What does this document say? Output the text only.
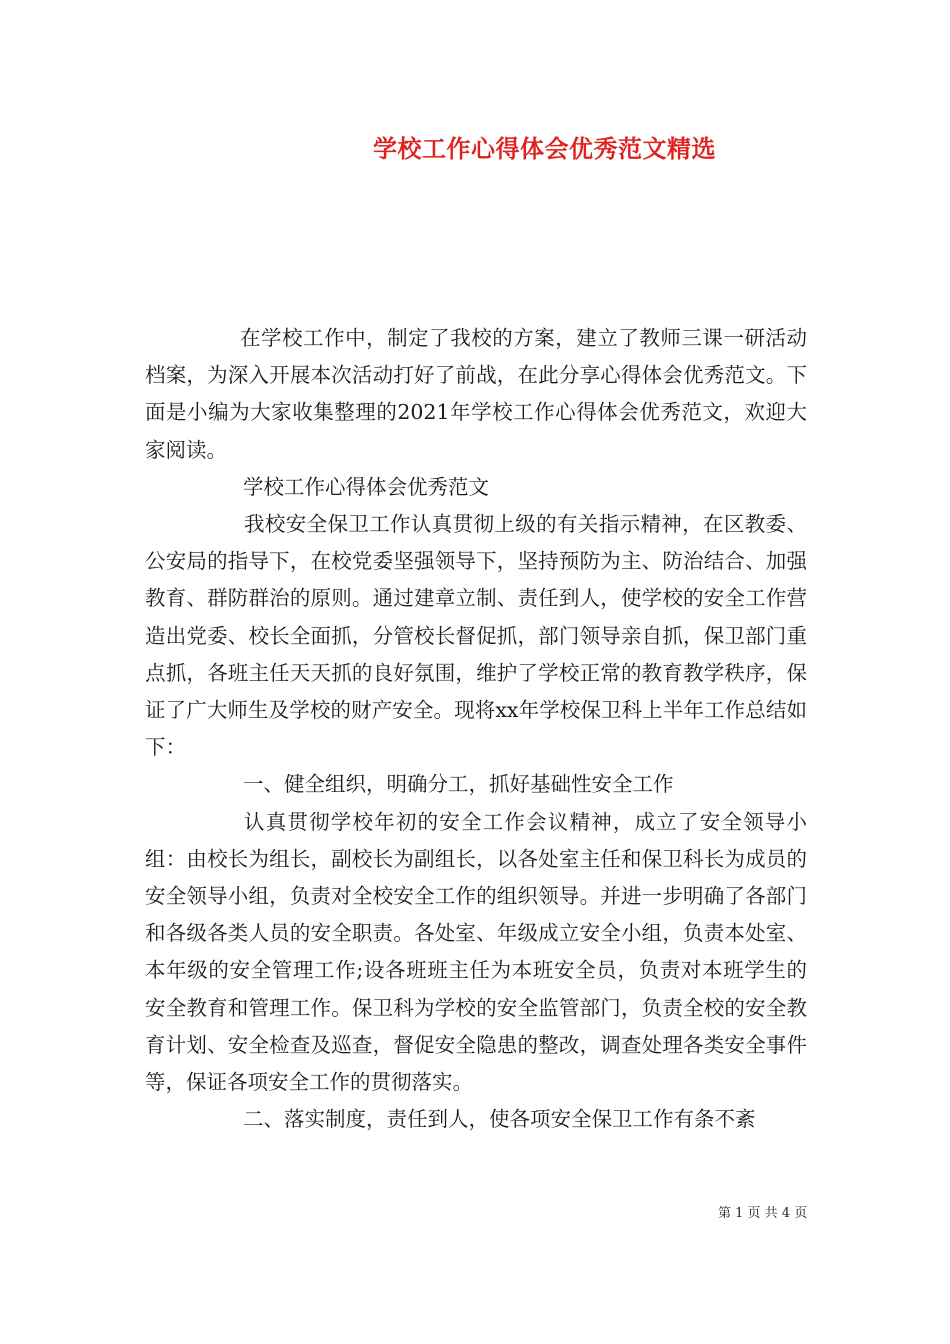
学校工作心得体会优秀范文精选

在学校工作中，制定了我校的方案，建立了教师三课一研活动档案，为深入开展本次活动打好了前战，在此分享心得体会优秀范文。下面是小编为大家收集整理的2021年学校工作心得体会优秀范文，欢迎大家阅读。

学校工作心得体会优秀范文

我校安全保卫工作认真贯彻上级的有关指示精神，在区教委、公安局的指导下，在校党委坚强领导下，坚持预防为主、防治结合、加强教育、群防群治的原则。通过建章立制、责任到人，使学校的安全工作营造出党委、校长全面抓，分管校长督促抓，部门领导亲自抓，保卫部门重点抓，各班主任天天抓的良好氛围，维护了学校正常的教育教学秩序，保证了广大师生及学校的财产安全。现将xx年学校保卫科上半年工作总结如下：

一、健全组织，明确分工，抓好基础性安全工作

认真贯彻学校年初的安全工作会议精神，成立了安全领导小组：由校长为组长，副校长为副组长，以各处室主任和保卫科长为成员的安全领导小组，负责对全校安全工作的组织领导。并进一步明确了各部门和各级各类人员的安全职责。各处室、年级成立安全小组，负责本处室、本年级的安全管理工作;设各班班主任为本班安全员，负责对本班学生的安全教育和管理工作。保卫科为学校的安全监管部门，负责全校的安全教育计划、安全检查及巡查，督促安全隐患的整改，调查处理各类安全事件等，保证各项安全工作的贯彻落实。

二、落实制度，责任到人，使各项安全保卫工作有条不紊

第 1 页 共 4 页
